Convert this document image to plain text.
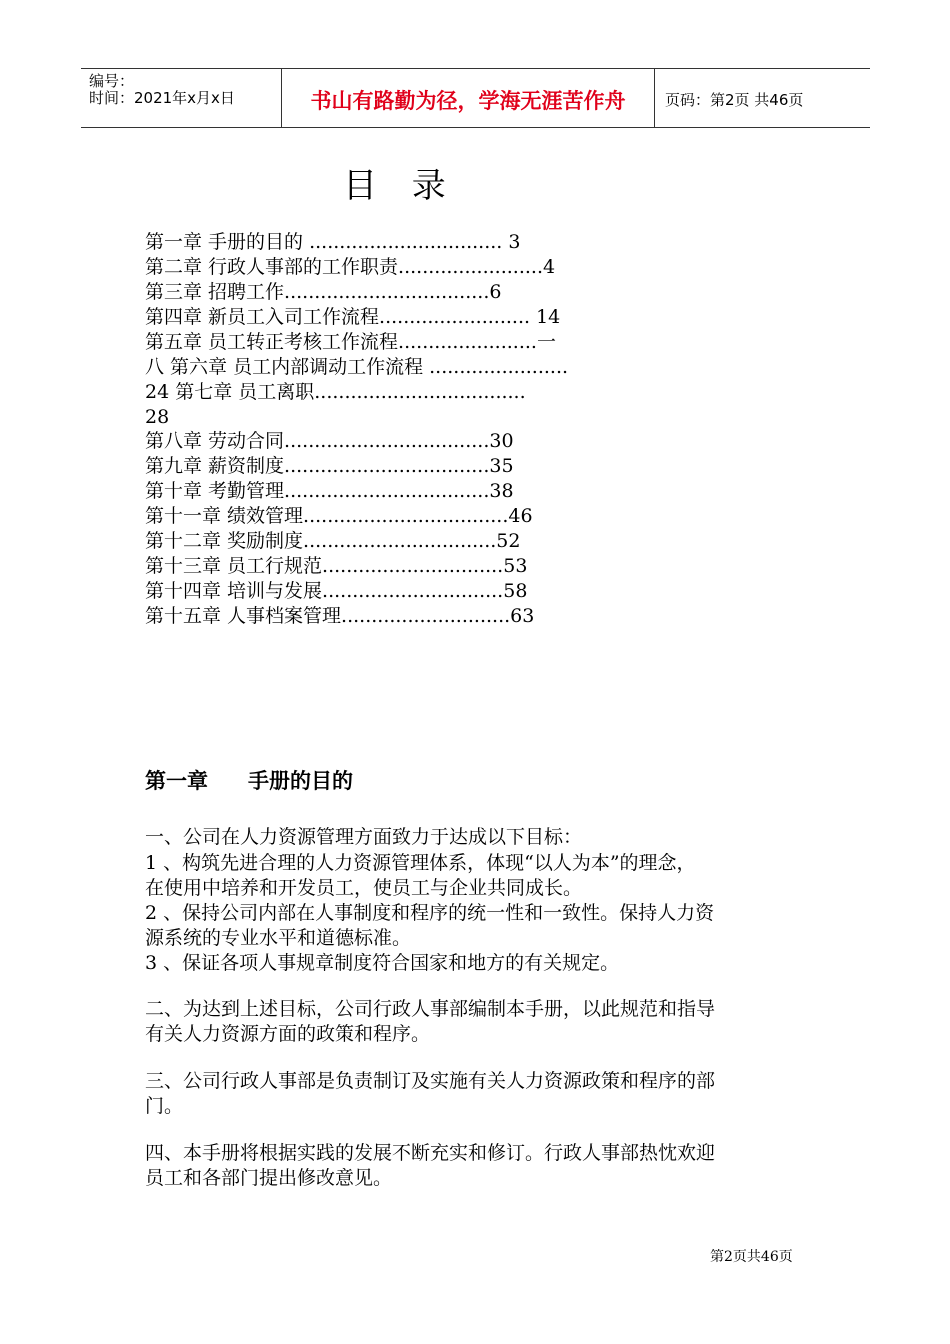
编号：
时间：2021年x月x日	书山有路勤为径，学海无涯苦作舟	页码：第2页 共46页
目 录
第一章 手册的目的 ................................ 3
第二章 行政人事部的工作职责........................4
第三章 招聘工作..................................6
第四章 新员工入司工作流程......................... 14
第五章 员工转正考核工作流程.......................一
八 第六章 员工内部调动工作流程 .......................
24 第七章 员工离职...................................
28
第八章 劳动合同..................................30
第九章 薪资制度..................................35
第十章 考勤管理..................................38
第十一章 绩效管理..................................46
第十二章 奖励制度................................52
第十三章 员工行规范..............................53
第十四章 培训与发展..............................58
第十五章 人事档案管理............................63
第一章 手册的目的
一、公司在人力资源管理方面致力于达成以下目标：
1 、构筑先进合理的人力资源管理体系，体现“以人为本”的理念，
在使用中培养和开发员工，使员工与企业共同成长。
2 、保持公司内部在人事制度和程序的统一性和一致性。保持人力资
源系统的专业水平和道德标准。
3 、保证各项人事规章制度符合国家和地方的有关规定。
二、为达到上述目标，公司行政人事部编制本手册，以此规范和指导
有关人力资源方面的政策和程序。
三、公司行政人事部是负责制订及实施有关人力资源政策和程序的部
门。
四、本手册将根据实践的发展不断充实和修订。行政人事部热忱欢迎
员工和各部门提出修改意见。
第2页共46页
